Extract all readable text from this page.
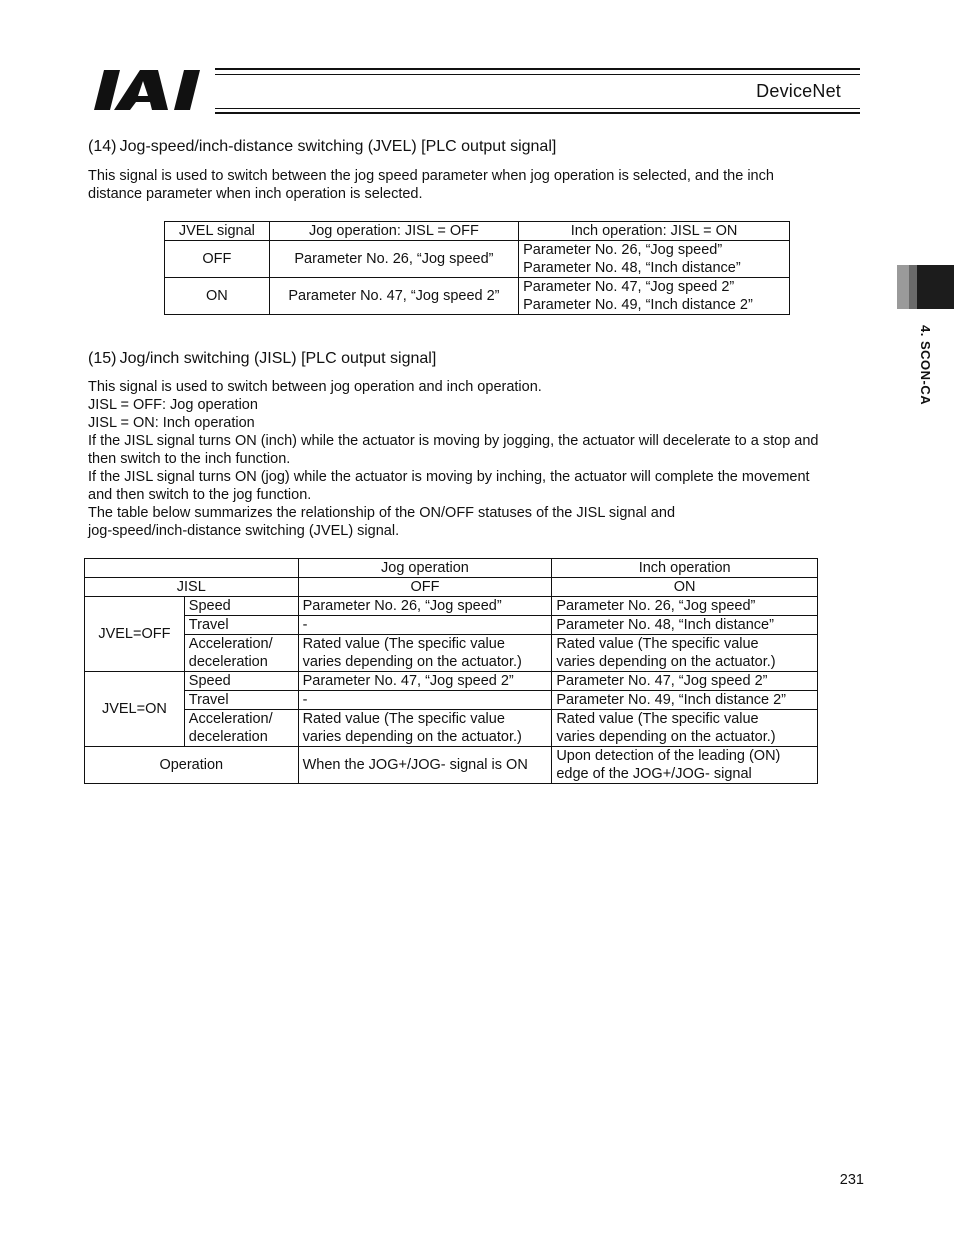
DeviceNet
4. SCON-CA
(14) Jog-speed/inch-distance switching (JVEL) [PLC output signal]
This signal is used to switch between the jog speed parameter when jog operation is selected, and the inch
distance parameter when inch operation is selected.
JVEL signal	Jog operation: JISL = OFF	Inch operation: JISL = ON
OFF	Parameter No. 26, “Jog speed”	Parameter No. 26, “Jog speed”
Parameter No. 48, “Inch distance”

ON	Parameter No. 47, “Jog speed 2”	Parameter No. 47, “Jog speed 2”
Parameter No. 49, “Inch distance 2”
(15) Jog/inch switching (JISL) [PLC output signal]
This signal is used to switch between jog operation and inch operation.
JISL = OFF: Jog operation
JISL = ON: Inch operation
If the JISL signal turns ON (inch) while the actuator is moving by jogging, the actuator will decelerate to a stop and
then switch to the inch function.
If the JISL signal turns ON (jog) while the actuator is moving by inching, the actuator will complete the movement
and then switch to the jog function.
The table below summarizes the relationship of the ON/OFF statuses of the JISL signal and
jog-speed/inch-distance switching (JVEL) signal.
		Jog operation	Inch operation
JISL		OFF	ON
JVEL=OFF	Speed	Parameter No. 26, “Jog speed”	Parameter No. 26, “Jog speed”
	Travel	-	Parameter No. 48, “Inch distance”

	Acceleration/
deceleration	Rated value (The specific value
varies depending on the actuator.)	Rated value (The specific value
varies depending on the actuator.)

JVEL=ON	Speed	Parameter No. 47, “Jog speed 2”	Parameter No. 47, “Jog speed 2”
	Travel	-	Parameter No. 49, “Inch distance 2”

	Acceleration/
deceleration	Rated value (The specific value
varies depending on the actuator.)	Rated value (The specific value
varies depending on the actuator.)

Operation		When the JOG+/JOG- signal is ON	Upon detection of the leading (ON)
edge of the JOG+/JOG- signal
231
